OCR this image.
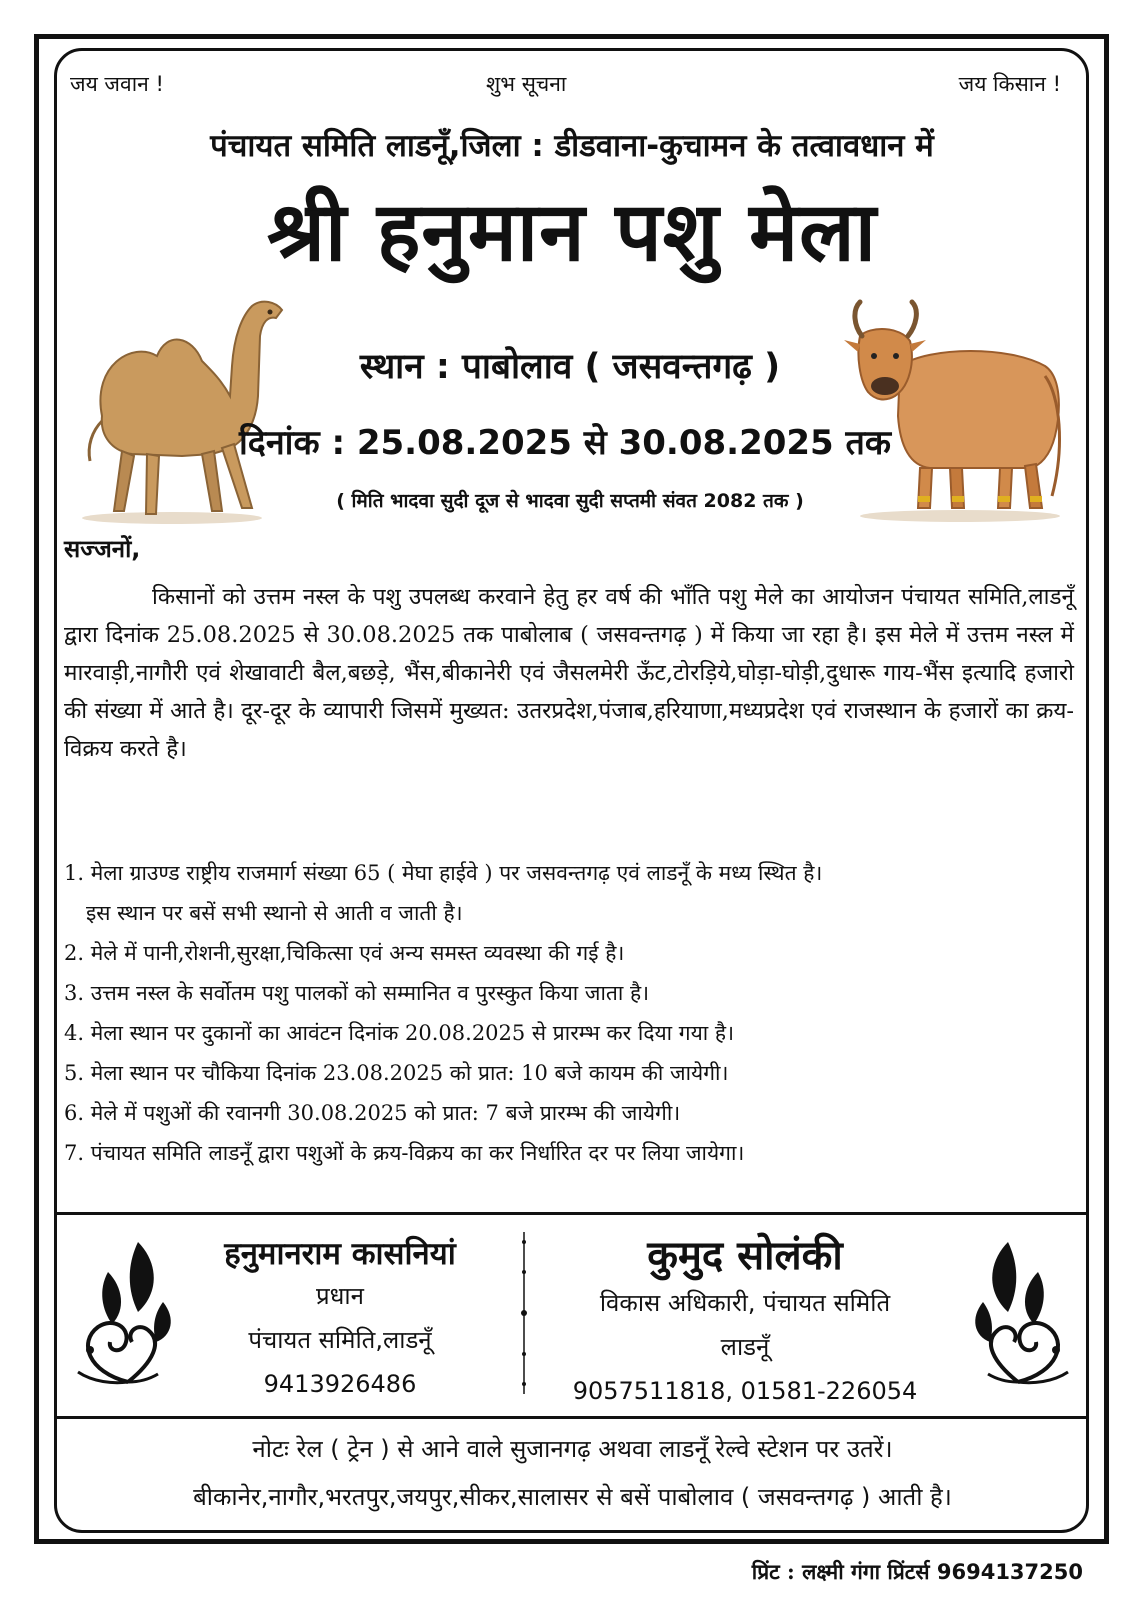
जय जवान !	शुभ सूचना	जय किसान !
पंचायत समिति लाडनूँ,जिला : डीडवाना-कुचामन के तत्वावधान में
श्री हनुमान पशु मेला
स्थान : पाबोलाव ( जसवन्तगढ़ )
दिनांक : 25.08.2025 से 30.08.2025 तक
( मिति भादवा सुदी दूज से भादवा सुदी सप्तमी संवत 2082 तक )
सज्जनों,
किसानों को उत्तम नस्ल के पशु उपलब्ध करवाने हेतु हर वर्ष की भाँति पशु मेले का आयोजन पंचायत समिति,लाडनूँ द्वारा दिनांक 25.08.2025 से 30.08.2025 तक पाबोलाब ( जसवन्तगढ़ ) में किया जा रहा है। इस मेले में उत्तम नस्ल में मारवाड़ी,नागौरी एवं शेखावाटी बैल,बछड़े, भैंस,बीकानेरी एवं जैसलमेरी ऊँट,टोरड़िये,घोड़ा-घोड़ी,दुधारू गाय-भैंस इत्यादि हजारो की संख्या में आते है। दूर-दूर के व्यापारी जिसमें मुख्यत: उतरप्रदेश,पंजाब,हरियाणा,मध्यप्रदेश एवं राजस्थान के हजारों का क्रय-विक्रय करते है।
1. मेला ग्राउण्ड राष्ट्रीय राजमार्ग संख्या 65 ( मेघा हाईवे ) पर जसवन्तगढ़ एवं लाडनूँ के मध्य स्थित है।
इस स्थान पर बसें सभी स्थानो से आती व जाती है।
2. मेले में पानी,रोशनी,सुरक्षा,चिकित्सा एवं अन्य समस्त व्यवस्था की गई है।
3. उत्तम नस्ल के सर्वोतम पशु पालकों को सम्मानित व पुरस्कुत किया जाता है।
4. मेला स्थान पर दुकानों का आवंटन दिनांक 20.08.2025 से प्रारम्भ कर दिया गया है।
5. मेला स्थान पर चौकिया दिनांक 23.08.2025 को प्रात: 10 बजे कायम की जायेगी।
6. मेले में पशुओं की रवानगी 30.08.2025 को प्रात: 7 बजे प्रारम्भ की जायेगी।
7. पंचायत समिति लाडनूँ द्वारा पशुओं के क्रय-विक्रय का कर निर्धारित दर पर लिया जायेगा।
हनुमानराम कासनियां
प्रधान
पंचायत समिति,लाडनूँ
9413926486
कुमुद सोलंकी
विकास अधिकारी, पंचायत समिति
लाडनूँ
9057511818, 01581-226054
नोटः रेल ( ट्रेन ) से आने वाले सुजानगढ़ अथवा लाडनूँ रेल्वे स्टेशन पर उतरें।
बीकानेर,नागौर,भरतपुर,जयपुर,सीकर,सालासर से बसें पाबोलाव ( जसवन्तगढ़ ) आती है।
प्रिंट : लक्ष्मी गंगा प्रिंटर्स 9694137250
